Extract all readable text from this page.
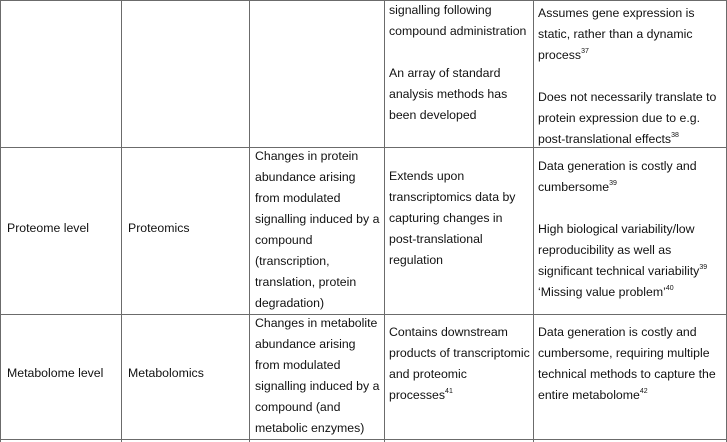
signalling following
compound administration
An array of standard
analysis methods has
been developed
Assumes gene expression is
static, rather than a dynamic
process$^{37}$
Does not necessarily translate to
protein expression due to e.g.
post-translational effects$^{38}$
Proteome level	Proteomics
Changes in protein
abundance arising
from modulated
signalling induced by a
compound
(transcription,
translation, protein
degradation)
Extends upon
transcriptomics data by
capturing changes in
post-translational
regulation
Data generation is costly and
cumbersome$^{39}$
High biological variability/low
reproducibility as well as
significant technical variability$^{39}$
‘Missing value problem’$^{40}$
Metabolome level Metabolomics
Changes in metabolite
abundance arising
from modulated
signalling induced by a
compound (and
metabolic enzymes)
Contains downstream
products of transcriptomic
and proteomic
processes$^{41}$
Data generation is costly and
cumbersome, requiring multiple
technical methods to capture the
entire metabolome$^{42}$
